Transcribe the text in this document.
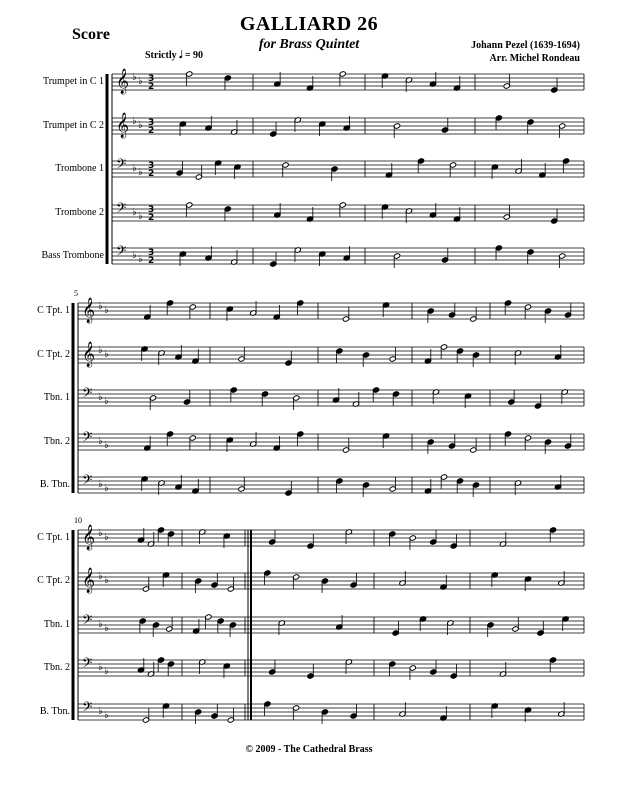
Score	GALLIARD 26
for Brass Quintet	Johann Pezel (1639-1694)
Arr. Michel Rondeau
Strictly 𝅗𝅥 = 90
𝄞 ♭ ♭ 3
2
𝄞 ♭ ♭ 3
2
𝄢 ♭ ♭
3
2
𝄢 ♭ ♭
3
2
𝄢 ♭ ♭
3
2
𝄞 ♭ ♭
𝄞 ♭ ♭
𝄢 ♭ ♭
𝄢 ♭ ♭
𝄢 ♭ ♭
𝄞 ♭ ♭
𝄞 ♭ ♭
𝄢 ♭ ♭
𝄢 ♭ ♭
𝄢 ♭ ♭
Trumpet in C 1
Trumpet in C 2
Trombone 1
Trombone 2
Bass Trombone
C Tpt. 1
C Tpt. 2
Tbn. 1
Tbn. 2
B. Tbn.
5
C Tpt. 1
C Tpt. 2
Tbn. 1
Tbn. 2
B. Tbn.
10
© 2009 - The Cathedral Brass
